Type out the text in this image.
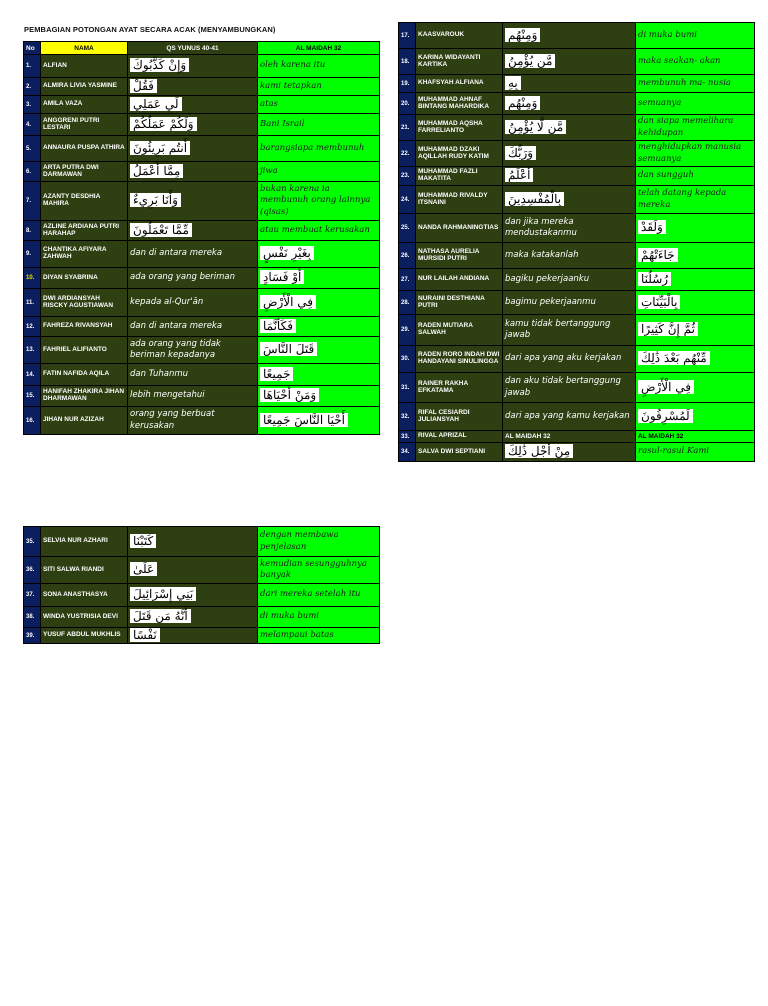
PEMBAGIAN POTONGAN AYAT SECARA ACAK (MENYAMBUNGKAN)
No	NAMA	QS YUNUS 40-41	AL MAIDAH 32
1.	ALFIAN	وَإِنْ كَذَّبُوكَ	oleh karena itu
2.	ALMIRA LIVIA YASMINE	فَقُلْ	kami tetapkan
3.	AMILA VAZA	لِّي عَمَلِي	atas
4.	ANGGRENI PUTRI LESTARI	وَلَكُمْ عَمَلُكُمْ	Bani Israil
5.	ANNAURA PUSPA ATHIRA	أَنتُم بَرِيئُونَ	barangsiapa membunuh
6.	ARTA PUTRA DWI DARMAWAN	مِمَّا أَعْمَلُ	jiwa
7.	AZANTY DESDHIA MAHIRA	وَأَنَا بَرِيءٌ	bukan karena ia membunuh orang lainnya (qisas)
8.	AZLINE ARDIANA PUTRI HARAHAP	مِّمَّا تَعْمَلُونَ	atau membuat kerusakan
9.	CHANTIKA AFIYARA ZAHWAH	dan di antara mereka	بِغَيْرِ نَفْسٍ
10.	DIYAN SYABRINA	ada orang yang beriman	أَوْ فَسَادٍ
11.	DWI ARDIANSYAH RISCKY AGUSTIAWAN	kepada al-Qur'ān	فِي الْأَرْضِ
12.	FAHREZA RIVANSYAH	dan di antara mereka	فَكَأَنَّمَا
13.	FAHRIEL ALIFIANTO	ada orang yang tidak beriman kepadanya	قَتَلَ النَّاسَ
14.	FATIN NAFIDA AQILA	dan Tuhanmu	جَمِيعًا
15.	HANIFAH ZHAKIRA JIHAN DHARMAWAN	lebih mengetahui	وَمَنْ أَحْيَاهَا
16.	JIHAN NUR AZIZAH	orang yang berbuat kerusakan	أَحْيَا النَّاسَ جَمِيعًا
17.	KAASVAROUK	وَمِنْهُم	di muka bumi
18.	KARINA WIDAYANTI KARTIKA	مَّن يُؤْمِنُ	maka seakan- akan
19.	KHAFSYAH ALFIANA	بِهِ	membunuh ma- nusia
20.	MUHAMMAD AHNAF BINTANG MAHARDIKA	وَمِنْهُم	semuanya
21.	MUHAMMAD AQSHA FARRELIANTO	مَّن لَّا يُؤْمِنُ	dan siapa memelihara kehidupan
22.	MUHAMMAD DZAKI AQILLAH RUDY KATIM	وَرَبُّكَ	menghidupkan manusia semuanya
23.	MUHAMMAD FAZLI MAKATITA	أَعْلَمُ	dan sungguh
24.	MUHAMMAD RIVALDY ITSNAINI	بِالْمُفْسِدِينَ	telah datang kepada mereka
25.	NANDA RAHMANINGTIAS	dan jika mereka mendustakanmu	وَلَقَدْ
26.	NATHASA AURELIA MURSIDI PUTRI	maka katakanlah	جَاءَتْهُمْ
27.	NUR LAILAH ANDIANA	bagiku pekerjaanku	رُسُلُنَا
28.	NURAINI DESTHIANA PUTRI	bagimu pekerjaanmu	بِالْبَيِّنَاتِ
29.	RADEN MUTIARA SALWAH	kamu tidak bertanggung jawab	ثُمَّ إِنَّ كَثِيرًا
30.	RADEN RORO INDAH DWI HANDAYANI SINULINGGA	dari apa yang aku kerjakan	مِّنْهُم بَعْدَ ذَٰلِكَ
31.	RAINER RAKHA EFKATAMA	dan aku tidak bertanggung jawab	فِي الْأَرْضِ
32.	RIFAL CESIARDI JULIANSYAH	dari apa yang kamu kerjakan	لَمُسْرِفُونَ
33.	RIVAL APRIZAL	AL MAIDAH 32	AL MAIDAH 32
34.	SALVA DWI SEPTIANI	مِنْ أَجْلِ ذَٰلِكَ	rasul-rasul Kami
35.	SELVIA NUR AZHARI	كَتَبْنَا	dengan membawa penjelasan
36.	SITI SALWA RIANDI	عَلَىٰ	kemudian sesungguhnya banyak
37.	SONA ANASTHASYA	بَنِي إِسْرَائِيلَ	dari mereka setelah itu
38.	WINDA YUSTRISIA DEVI	أَنَّهُ مَن قَتَلَ	di muka bumi
39.	YUSUF ABDUL MUKHLIS	نَفْسًا	melampaui batas
